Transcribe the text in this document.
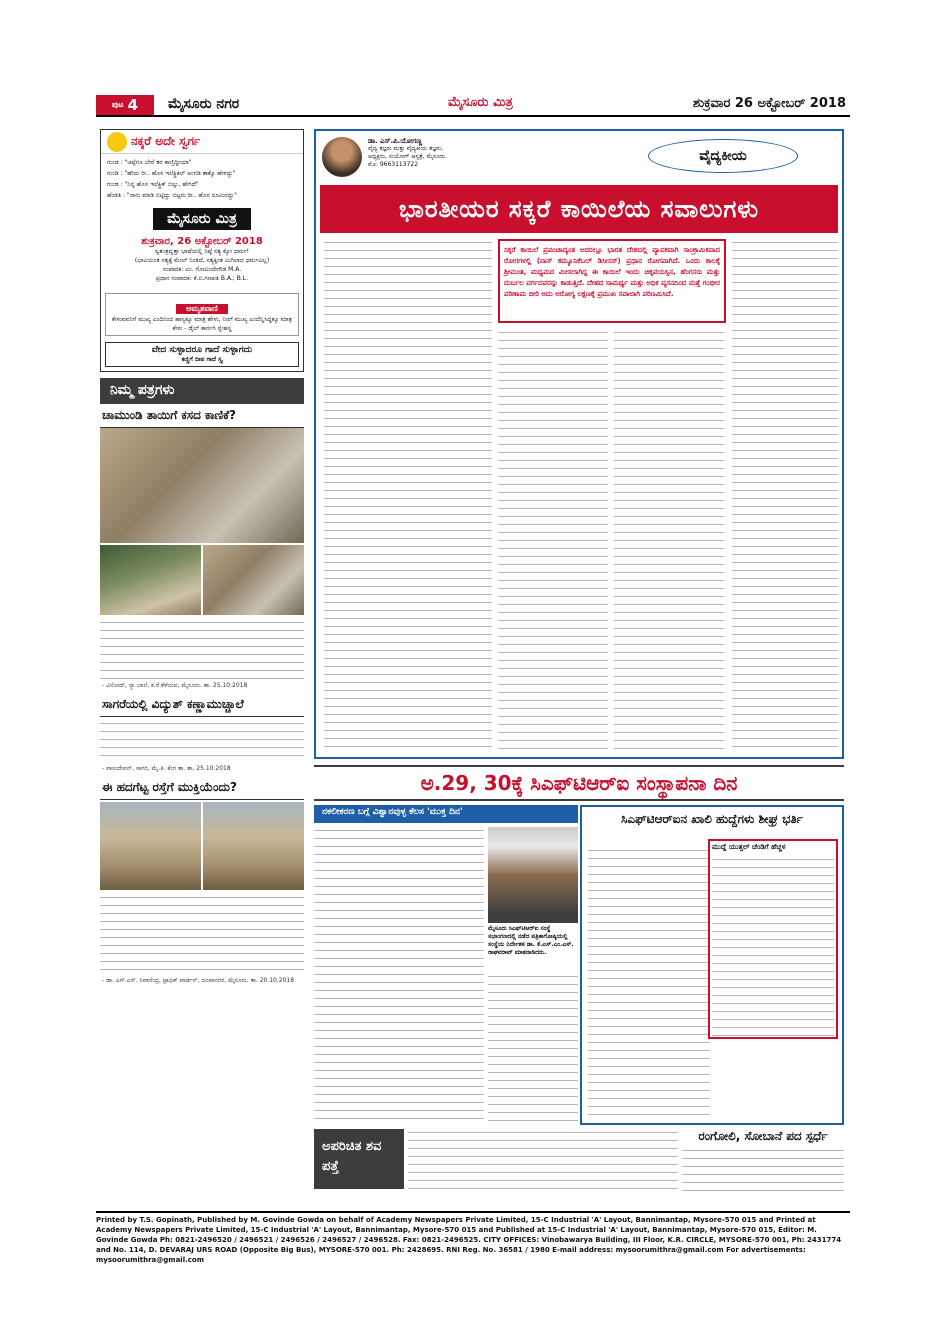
$^{ಪುಟ}$ 4	ಮೈಸೂರು ನಗರ	ಮೈಸೂರು ಮಿತ್ರ	ಶುಕ್ರವಾರ 26 ಅಕ್ಟೋಬರ್ 2018
ನಕ್ಕರೆ ಅದೇ ಸ್ವರ್ಗ
ಗುಂಡ : "ಚಪ್ಪೆಗೂ ಬೇರೆ ತರ ಕಾಣ್ತಿದ್ದೀಯಾ"
ಗುಂಡಿ : "ಹೌದು ರೀ.. ಹೊಸ ಇಲೆಕ್ಟ್ರಿಕಲ್ ಅಂಗಡಿ ತಾಕ್ಕೊ ಹೇಳದ್ದು"
ಗುಂಡ : "ನಿನ್ನ ಹೊಸ ಇಲೆಕ್ಟ್ರಿಕ್ ಬಿಲ್ಲು, ಹೇಗಿದೆ"
ಹೆಂಡತಿ : "ನಾನು ಮಾಡಿ ಬಿಟ್ಟಿದ್ದು ಬಿಟ್ಟರು ರೀ.. ಹೊಸ ರೂಮಿನದ್ದು"
ಮೈಸೂರು ಮಿತ್ರ
ಶುಕ್ರವಾರ, 26 ಅಕ್ಟೋಬರ್ 2018
ಸ್ವತಂತ್ರವೃತ್ತಾ ಭಾಷೆಯಲ್ಲಿ ನಿಷ್ಠೆ ಸತ್ಯ ಕ್ಕೋ ಧರ್ಮ!
(ಭಾವಿಯಂತ ಸತ್ಯಕ್ಕೆ ಮೇಲ್ ನಿಂತಿದೆ, ಸತ್ಯಕ್ಕಿಂತ ಮಿಗಿಲಾದ ಧರ್ಮವಿಲ್ಲ)
ಸಂಪಾದಕ: ಎಂ. ಗೋವಿಂದೇಗೌಡ M.A.
ಪ್ರಧಾನ ಸಂಪಾದಕ: ಕೆ.ಬಿ.ಗಣಪತಿ B.A.; B.L.
ಅಮೃತವಾಣಿ
ಕೇಳುವವನಿಗೆ ಮುಖ್ಯ ಎಂದಿನಿಂದ ಹಾಸ್ಯಕ್ಕೂ ಮಾತ್ರ ಹೇಳು, ನಿನಗೆ ಮುಖ್ಯ ಎಂದೆನ್ನಿಸಿದ್ದಕ್ಕೂ ಮಾತ್ರ ಕೇಳು - ಡೈಲ್ ಕಾರ್ನಗಿ ಸ್ನೇಹಸ್ಥ
ವೇದ ಸುಳ್ಳಾದರೂ ಗಾದೆ ಸುಳ್ಳಾಗದು
ಕಣ್ಣಿಗೆ ದೀಪ ಗಾದೆ ಸ್ತ್ಯ
ನಿಮ್ಮ ಪತ್ರಗಳು
ಚಾಮುಂಡಿ ತಾಯಿಗೆ ಕಸದ ಕಾಣಿಕೆ?
- ವಿನೋದ್, ನ್ಯಾ.ಬಾಲೆ, ಕ.ರೆ.ಕೆಳೆಯವ, ಮೈಸೂರು. ತಾ. 25.10.2018
ಸಾಗರೆಯಲ್ಲಿ ವಿದ್ಯುತ್ ಕಣ್ಣಾಮುಚ್ಚಾಲೆ
- ವಾಸುದೇವನ್, ಸಾಗರ, ಮೈ.ತಿ. ಕೆಂಗ ತಾ. ತಾ. 25.10.2018
ಈ ಹದಗೆಟ್ಟ ರಸ್ತೆಗೆ ಮುಕ್ತಿಯೆಂದು?
- ಡಾ. ಎಸ್.ಎಸ್. ನಿವಾಸೆಂದ್ರ, ಟ್ರಾಫಿಕ್ ವಾರ್ಡನ್, ರೂಪಾನಗರ, ಮೈಸೂರು. ತಾ. 20.10.2018
ಡಾ. ಎಸ್.ಪಿ.ಯೋಗಣ್ಣ
ವೈದ್ಯ ತಜ್ಞರು ಮತ್ತು ವೈದ್ಯಕೀಯ ತಜ್ಞರು,
ಅಧ್ಯಕ್ಷರು, ಸುಯೋಗ್ ಆಸ್ಪತ್ರೆ, ಮೈಸೂರು.
ಮೊ: 9663113722
ವೈದ್ಯಕೀಯ
ಭಾರತೀಯರ ಸಕ್ಕರೆ ಕಾಯಿಲೆಯ ಸವಾಲುಗಳು
ಸಕ್ಕರೆ ಕಾಯಿಲೆ ಪ್ರಪಂಚಾದ್ಯಂತ ಅದರಲ್ಲೂ ಭಾರತ ದೇಶದಲ್ಲಿ ವ್ಯಾಪಕವಾಗಿ ಸಾಂಕ್ರಾಮಿಕವಾದ ರೋಗಗಳಲ್ಲಿ (ನಾನ್ ಕಮ್ಯೂನಿಕೆಬಲ್ ಡಿಸೀಸಸ್) ಪ್ರಧಾನ ರೋಗವಾಗಿದೆ. ಒಂದು ಕಾಲಕ್ಕೆ ಶ್ರೀಮಂತ, ಮಧ್ಯಮದ ಮೀಸಲಾಗಿದ್ದ ಈ ಕಾಯಿಲೆ ಇಂದು ಚಿಕ್ಕವಯಸ್ಸಿನ, ಹೆಂಗಸರು ಮತ್ತು ದುರ್ಬಲ ವರ್ಗದವರನ್ನು ಕಾಡುತ್ತಿದೆ. ದೇಹದ ಸಾಮರ್ಥ್ಯ ಮತ್ತು ಅಧಿಕ ವ್ಯಸನದಿಂದ ಮತ್ತೆ ಗಂಭೀರ ಪರಿಣಾಮ ಬೀರಿ ಅದು ಆರೋಗ್ಯ ಲಕ್ಷಣಕ್ಕೆ ಪ್ರಮುಖ ಸವಾಲಾಗಿ ಪರಿಣಮಿಸಿದೆ.
ಅ.29, 30ಕ್ಕೆ ಸಿಎಫ್‌ಟಿಆರ್‌ಐ ಸಂಸ್ಥಾಪನಾ ದಿನ
ನಕಲೀಕರಣ ಬಗ್ಗೆ ವಿಶ್ವಾನವುಳ್ಳ ಕೆಲಸ 'ಮುಕ್ತ ದಿನ'
ಮೈಸೂರು ಸಿಎಫ್‌ಟಿಆರ್‌ಐ ಸಂಸ್ಥೆ ಸಭಾಂಗಣದಲ್ಲಿ ನಡೆದ ಪತ್ರಿಕಾಗೋಷ್ಠಿಯಲ್ಲಿ ಸಂಸ್ಥೆಯ ನಿರ್ದೇಶಕ ಡಾ. ಕೆ.ಎಸ್.ಎಂ.ಎಸ್. ರಾಘವರಾವ್ ಮಾತನಾಡಿದರು.
ಸಿಎಫ್‌ಟಿಆರ್‌ಐನ ಖಾಲಿ ಹುದ್ದೆಗಳು ಶೀಘ್ರ ಭರ್ತಿ
ಮುದ್ದೆ ಯುತ್ತಲ್ ಚೆಂಡಿಗೆ ಹೆಚ್ಚಳ
ಅಪರಿಚಿತ ಶವ ಪತ್ತೆ
ರಂಗೋಲಿ, ಸೋಬಾನೆ ಪದ ಸ್ಪರ್ಧೆ
Printed by T.S. Gopinath, Published by M. Govinde Gowda on behalf of Academy Newspapers Private Limited, 15-C Industrial 'A' Layout, Bannimantap, Mysore-570 015 and Printed at Academy Newspapers Private Limited, 15-C Industrial 'A' Layout, Bannimantap, Mysore-570 015 and Published at 15-C Industrial 'A' Layout, Bannimantap, Mysore-570 015, Editor: M. Govinde Gowda Ph: 0821-2496520 / 2496521 / 2496526 / 2496527 / 2496528. Fax: 0821-2496525. CITY OFFICES: Vinobawarya Building, III Floor, K.R. CIRCLE, MYSORE-570 001, Ph: 2431774 and No. 114, D. DEVARAJ URS ROAD (Opposite Big Bus), MYSORE-570 001. Ph: 2428695. RNI Reg. No. 36581 / 1980 E-mail address: mysoorumithra@gmail.com For advertisements: mysoorumithra@gmail.com
